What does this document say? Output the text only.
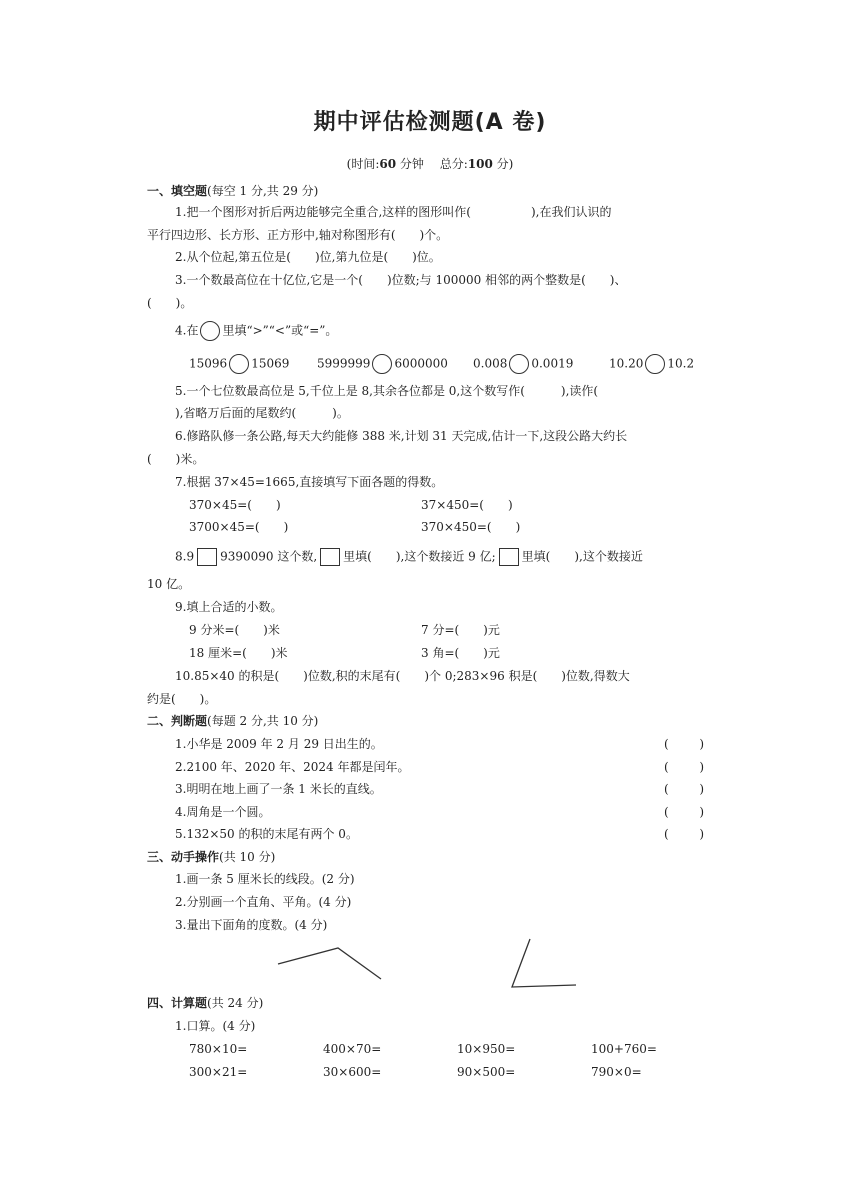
期中评估检测题(A 卷)
(时间:60 分钟　 总分:100 分)
一、填空题(每空 1 分,共 29 分)
1.把一个图形对折后两边能够完全重合,这样的图形叫作(　　　　　),在我们认识的
平行四边形、长方形、正方形中,轴对称图形有(　　)个。
2.从个位起,第五位是(　　)位,第九位是(　　)位。
3.一个数最高位在十亿位,它是一个(　　)位数;与 100000 相邻的两个整数是(　　)、
(　　)。
4.在 里填“>”“<”或“=”。
15096 15069 5999999 6000000 0.008 0.0019	10.20 10.2
5.一个七位数最高位是 5,千位上是 8,其余各位都是 0,这个数写作(　　　),读作(
),省略万后面的尾数约(　　　)。
6.修路队修一条公路,每天大约能修 388 米,计划 31 天完成,估计一下,这段公路大约长
(　　)米。
7.根据 37×45=1665,直接填写下面各题的得数。
370×45=(　　)	37×450=(　　)
3700×45=(　　)	370×450=(　　)
8.9 9390090 这个数, 里填(　　),这个数接近 9 亿; 里填(　　),这个数接近
10 亿。
9.填上合适的小数。
9 分米=(　　)米	7 分=(　　)元
18 厘米=(　　)米	3 角=(　　)元
10.85×40 的积是(　　)位数,积的末尾有(　　)个 0;283×96 积是(　　)位数,得数大
约是(　　)。
二、判断题(每题 2 分,共 10 分)
1.小华是 2009 年 2 月 29 日出生的。	(	)
2.2100 年、2020 年、2024 年都是闰年。	(	)
3.明明在地上画了一条 1 米长的直线。	(	)
4.周角是一个圆。	(	)
5.132×50 的积的末尾有两个 0。	(	)
三、动手操作(共 10 分)
1.画一条 5 厘米长的线段。(2 分)
2.分别画一个直角、平角。(4 分)
3.量出下面角的度数。(4 分)
四、计算题(共 24 分)
1.口算。(4 分)
780×10=	400×70=	10×950=	100+760=
300×21=	30×600=	90×500=	790×0=
